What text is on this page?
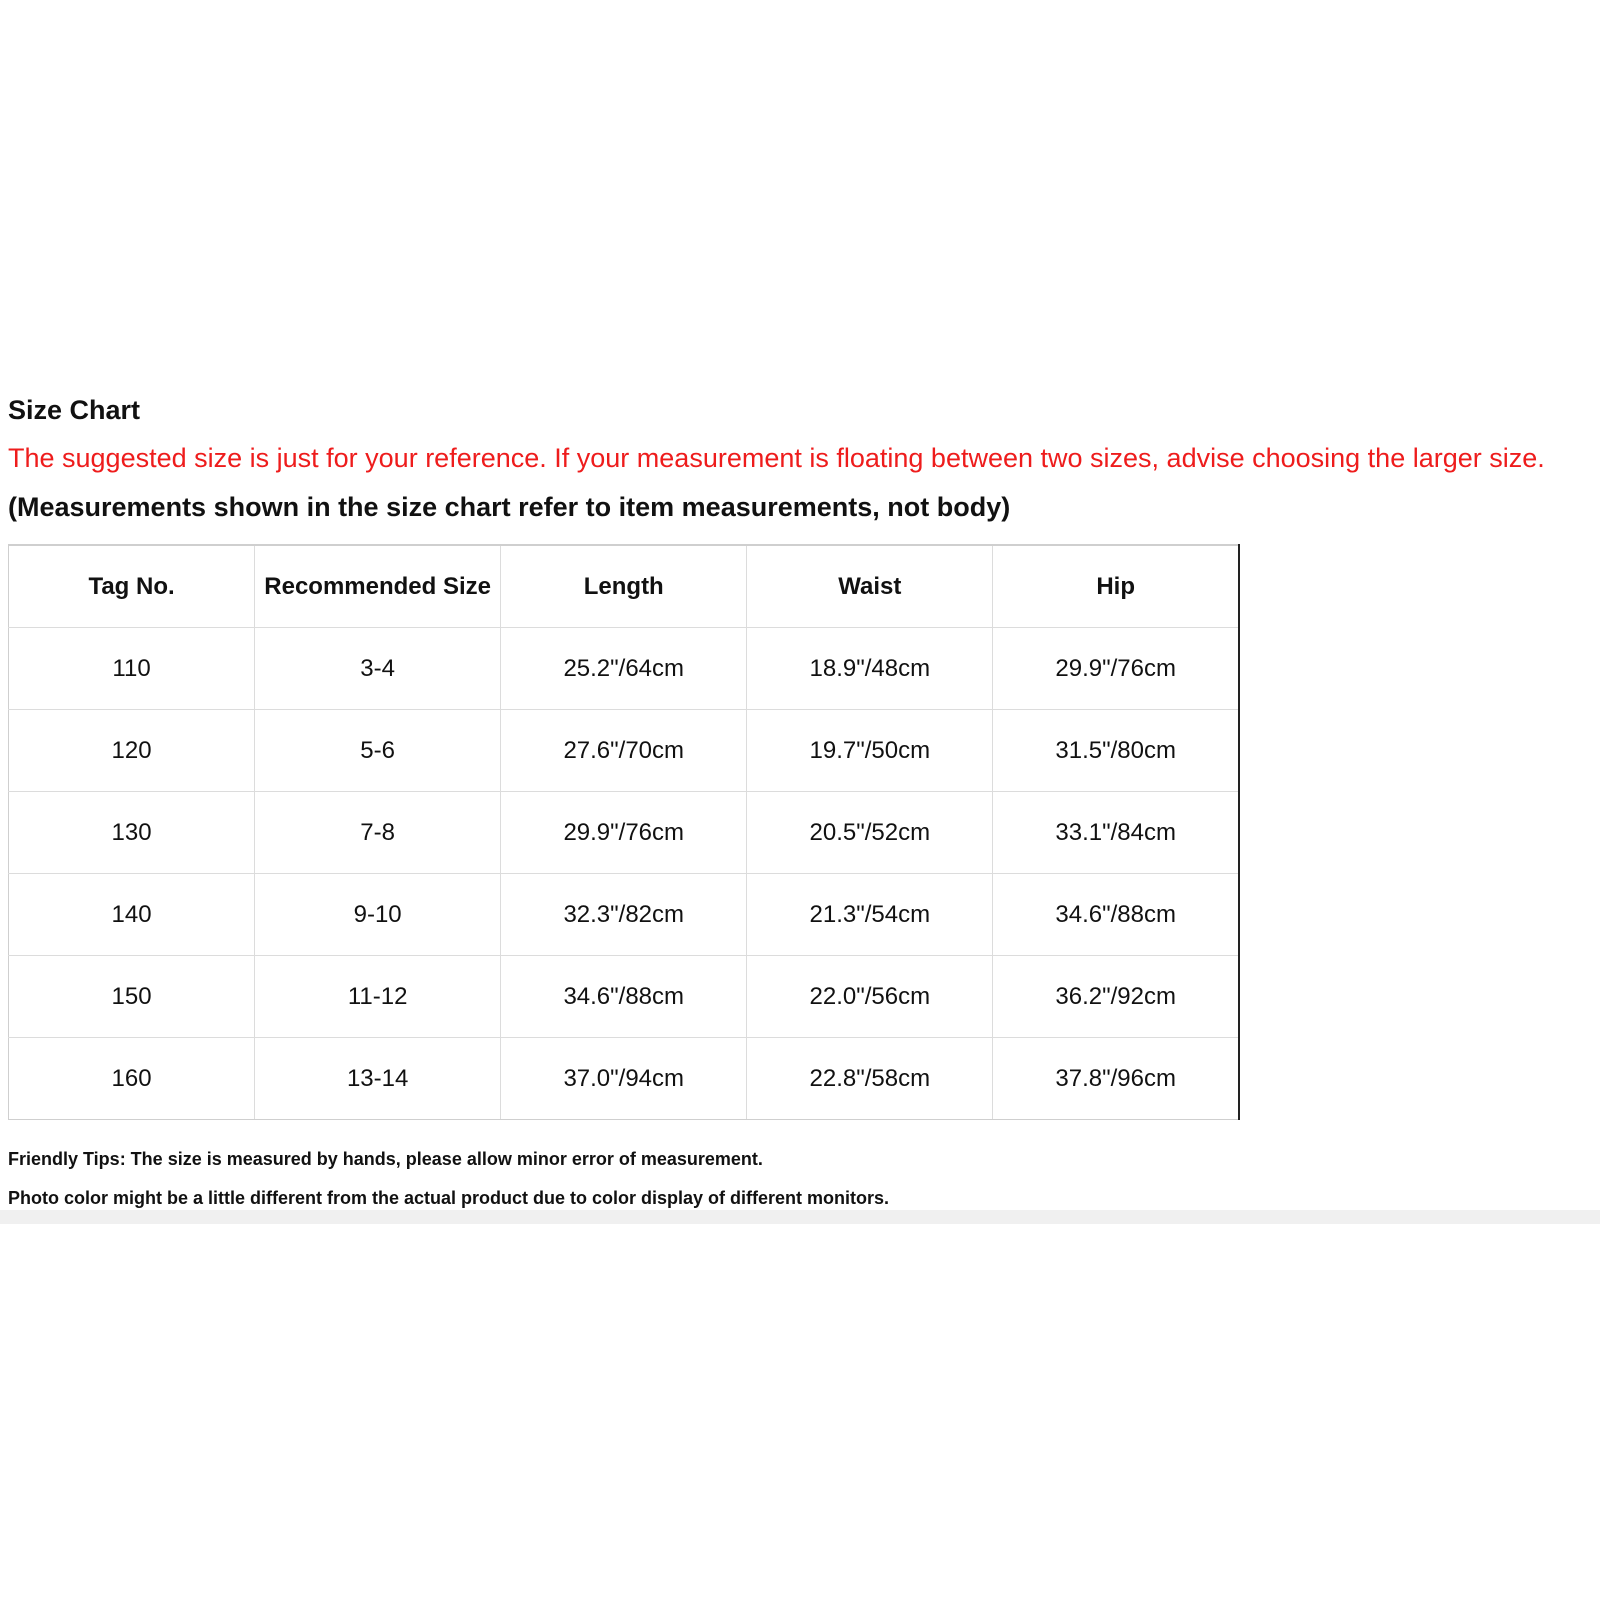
Size Chart
The suggested size is just for your reference. If your measurement is floating between two sizes, advise choosing the larger size.
(Measurements shown in the size chart refer to item measurements, not body)
Tag No.	Recommended Size	Length	Waist	Hip
110	3-4	25.2"/64cm	18.9"/48cm	29.9"/76cm
120	5-6	27.6"/70cm	19.7"/50cm	31.5"/80cm
130	7-8	29.9"/76cm	20.5"/52cm	33.1"/84cm
140	9-10	32.3"/82cm	21.3"/54cm	34.6"/88cm
150	11-12	34.6"/88cm	22.0"/56cm	36.2"/92cm
160	13-14	37.0"/94cm	22.8"/58cm	37.8"/96cm
Friendly Tips: The size is measured by hands, please allow minor error of measurement.
Photo color might be a little different from the actual product due to color display of different monitors.
